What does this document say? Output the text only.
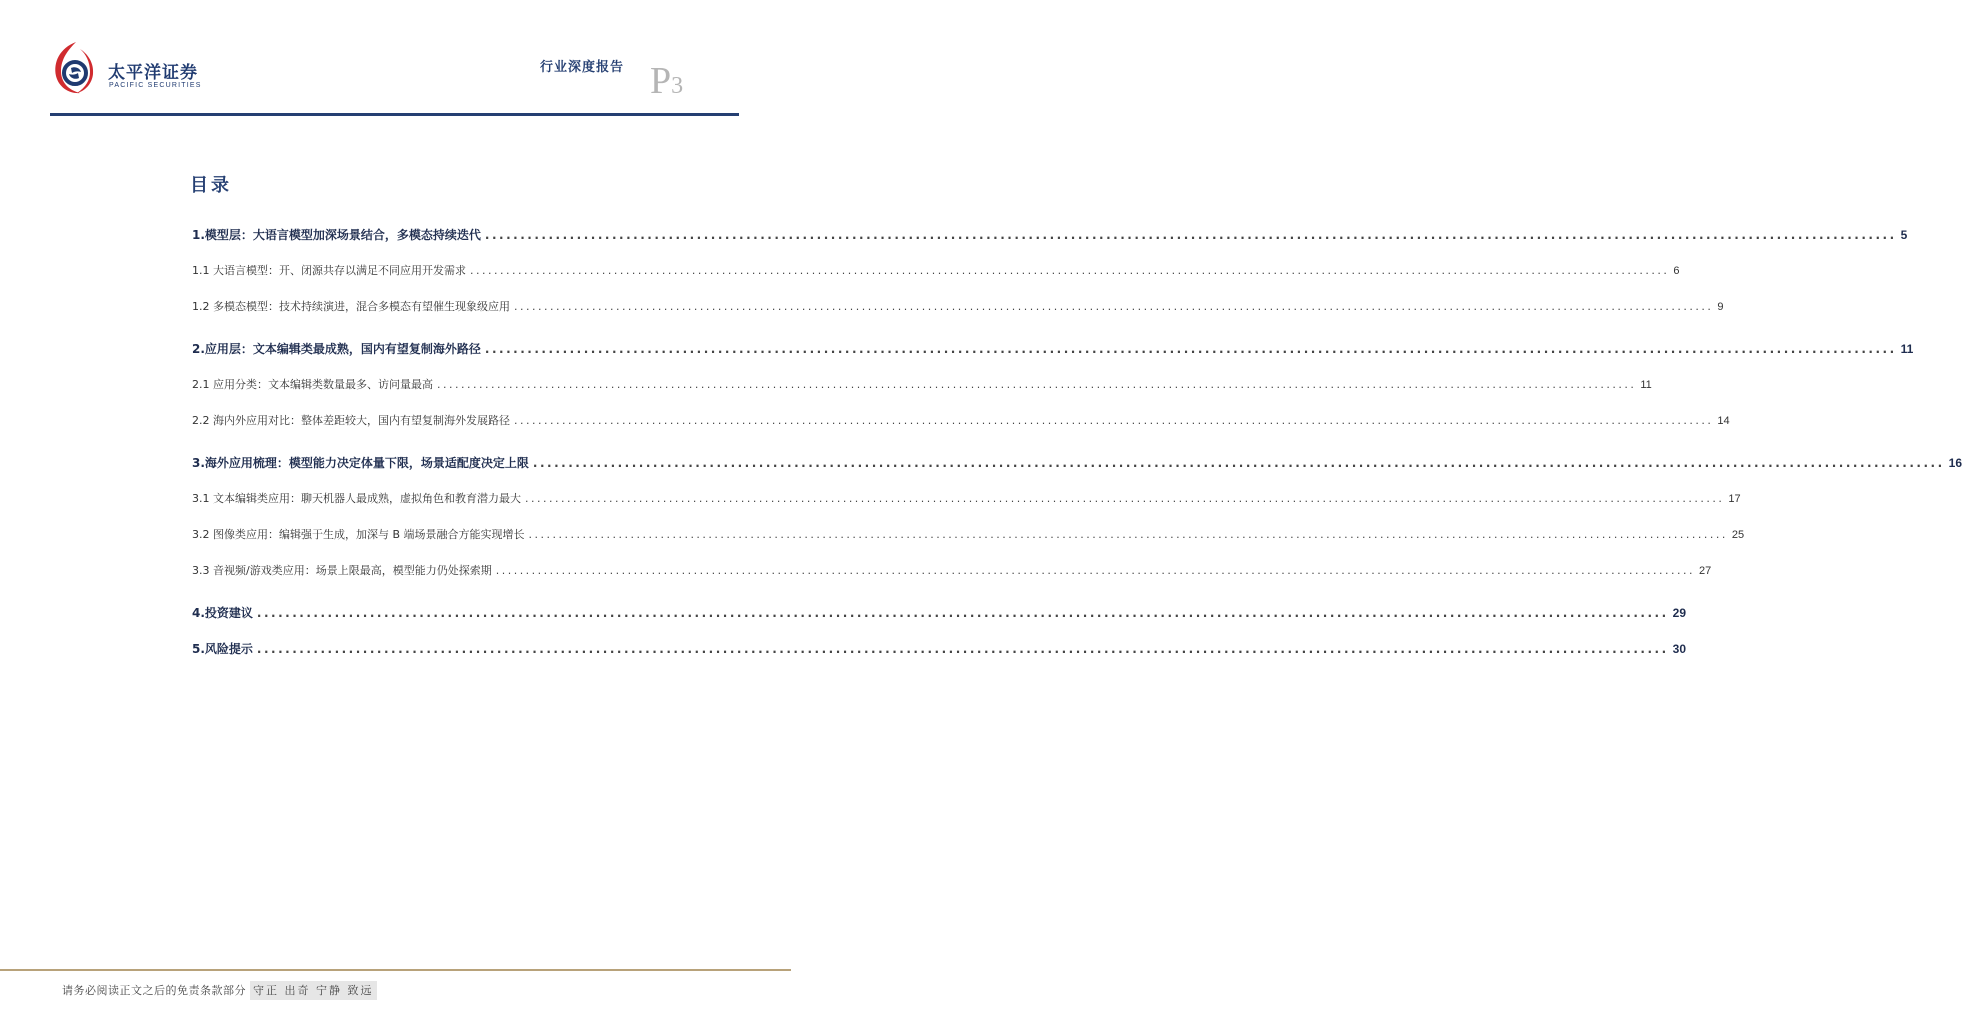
太平洋证券
PACIFIC SECURITIES
行业深度报告 P3
目录
1.模型层：大语言模型加深场景结合，多模态持续迭代 ........................................................................................................................................................................................................ 5
1.1 大语言模型：开、闭源共存以满足不同应用开发需求 ........................................................................................................................................................................................................ 6
1.2 多模态模型：技术持续演进，混合多模态有望催生现象级应用 ........................................................................................................................................................................................................ 9
2.应用层：文本编辑类最成熟，国内有望复制海外路径 ........................................................................................................................................................................................................ 11
2.1 应用分类：文本编辑类数量最多、访问量最高 ........................................................................................................................................................................................................ 11
2.2 海内外应用对比：整体差距较大，国内有望复制海外发展路径 ........................................................................................................................................................................................................ 14
3.海外应用梳理：模型能力决定体量下限，场景适配度决定上限 ........................................................................................................................................................................................................ 16
3.1 文本编辑类应用：聊天机器人最成熟，虚拟角色和教育潜力最大 ........................................................................................................................................................................................................ 17
3.2 图像类应用：编辑强于生成，加深与 B 端场景融合方能实现增长 ........................................................................................................................................................................................................ 25
3.3 音视频/游戏类应用：场景上限最高，模型能力仍处探索期 ........................................................................................................................................................................................................ 27
4.投资建议 ........................................................................................................................................................................................................ 29
5.风险提示 ........................................................................................................................................................................................................ 30
请务必阅读正文之后的免责条款部分 守正 出奇 宁静 致远
